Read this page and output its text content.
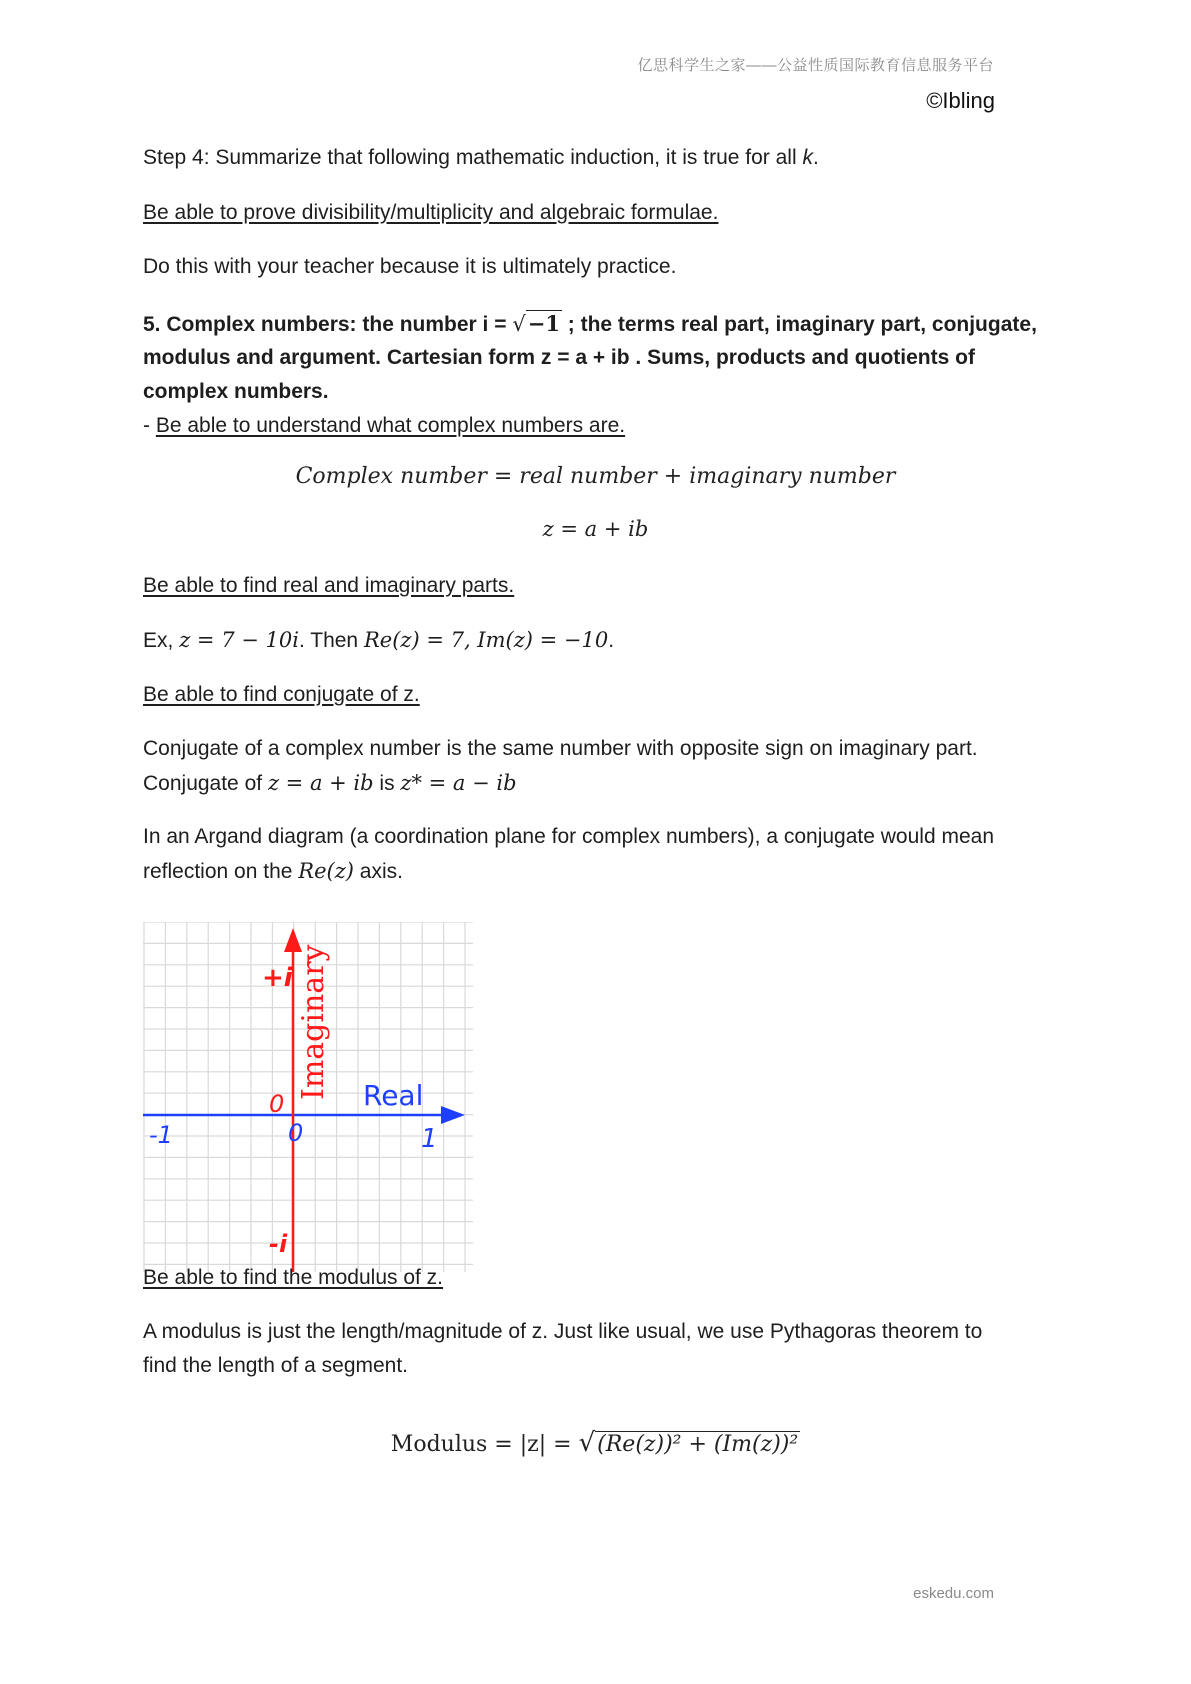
亿思科学生之家——公益性质国际教育信息服务平台
©Ibling
Step 4: Summarize that following mathematic induction, it is true for all k.
Be able to prove divisibility/multiplicity and algebraic formulae.
Do this with your teacher because it is ultimately practice.
5. Complex numbers: the number i = √−1 ; the terms real part, imaginary part, conjugate,
modulus and argument. Cartesian form z = a + ib . Sums, products and quotients of
complex numbers.
- Be able to understand what complex numbers are.
Complex number = real number + imaginary number
z = a + ib
Be able to find real and imaginary parts.
Ex, z = 7 − 10i. Then Re(z) = 7, Im(z) = −10.
Be able to find conjugate of z.
Conjugate of a complex number is the same number with opposite sign on imaginary part.
Conjugate of z = a + ib is z* = a − ib
In an Argand diagram (a coordination plane for complex numbers), a conjugate would mean
reflection on the Re(z) axis.
+i
-i
Imaginary Real
-1	1
0
0
Be able to find the modulus of z.
A modulus is just the length/magnitude of z. Just like usual, we use Pythagoras theorem to
find the length of a segment.
Modulus = |z| = √(Re(z))² + (Im(z))²
eskedu.com
